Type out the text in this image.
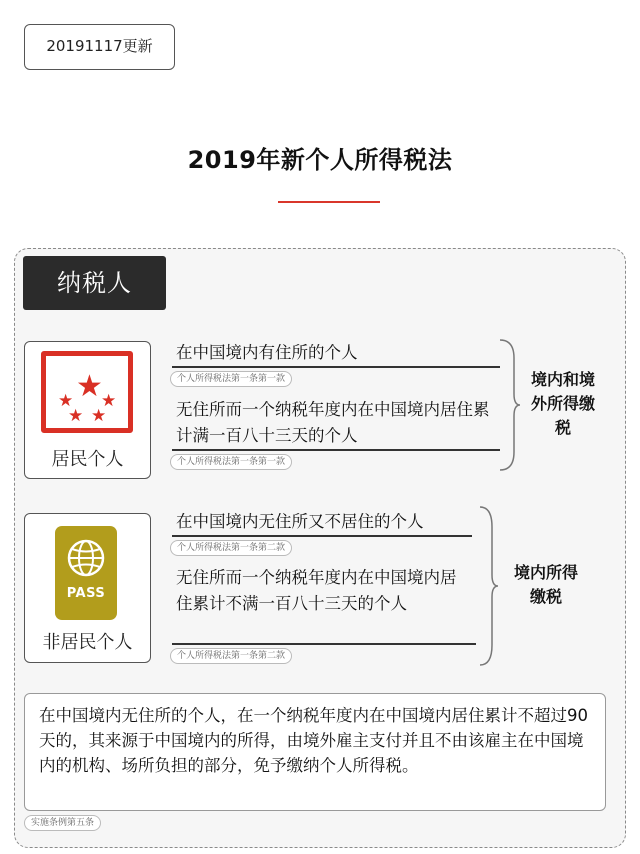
20191117更新
2019年新个人所得税法
纳税人
★
★ ★
★ ★
居民个人
在中国境内有住所的个人
个人所得税法第一条第一款
无住所而一个纳税年度内在中国境内居住累计满一百八十三天的个人
个人所得税法第一条第一款
境内和境外所得缴税
PASS
非居民个人
在中国境内无住所又不居住的个人
个人所得税法第一条第二款
无住所而一个纳税年度内在中国境内居住累计不满一百八十三天的个人
个人所得税法第一条第二款
境内所得缴税
在中国境内无住所的个人，在一个纳税年度内在中国境内居住累计不超过90天的，其来源于中国境内的所得，由境外雇主支付并且不由该雇主在中国境内的机构、场所负担的部分，免予缴纳个人所得税。
实施条例第五条
